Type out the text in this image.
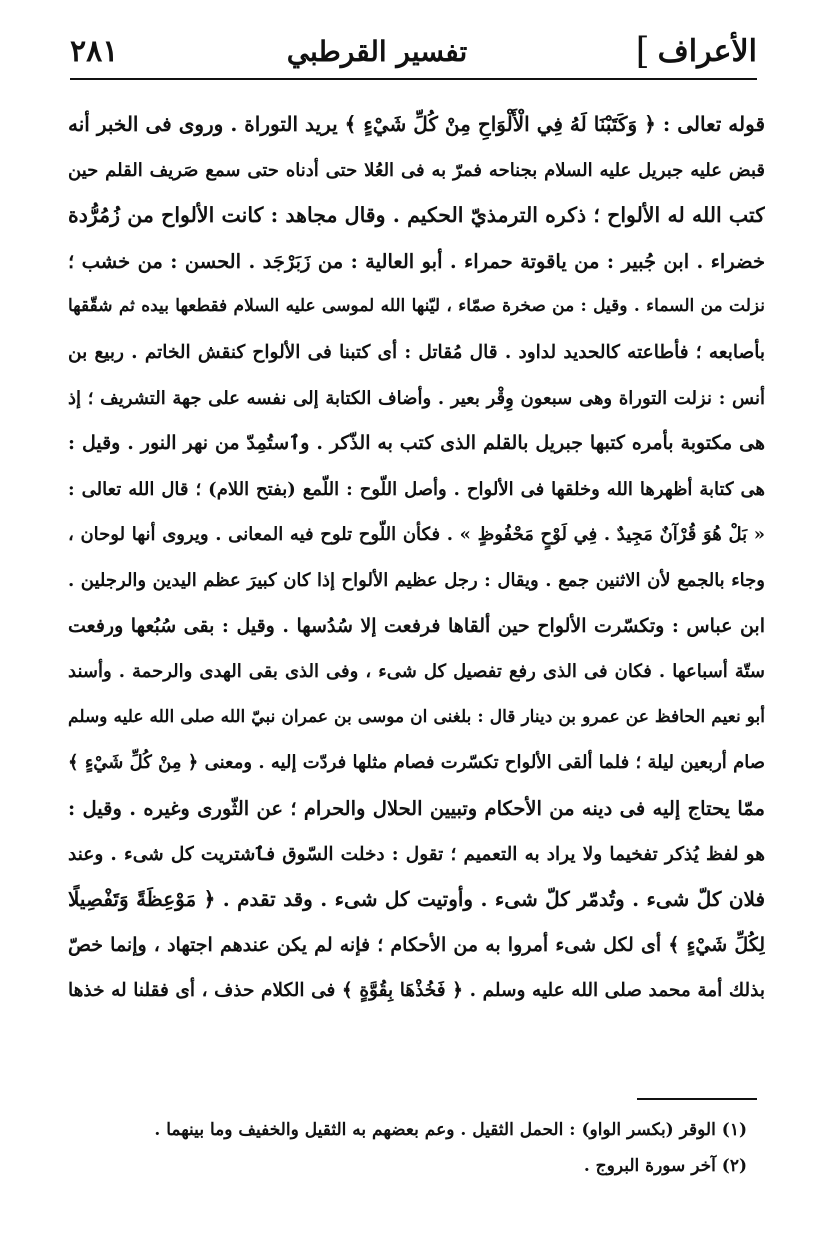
الأعراف
]
تفسير القرطبي
٢٨١
قوله تعالى : ﴿ وَكَتَبْنَا لَهُ فِي الْأَلْوَاحِ مِنْ كُلِّ شَيْءٍ ﴾ يريد التوراة . وروى فى الخبر أنه
قبض عليه جبريل عليه السلام بجناحه فمرّ به فى العُلا حتى أدناه حتى سمع صَريف القلم حين
كتب الله له الألواح ؛ ذكره الترمذيّ الحكيم . وقال مجاهد : كانت الألواح من زُمُرُّدة
خضراء . ابن جُبير : من ياقوتة حمراء . أبو العالية : من زَبَرْجَد . الحسن : من خشب ؛
نزلت من السماء . وقيل : من صخرة صمّاء ، ليّنها الله لموسى عليه السلام فقطعها بيده ثم شقّقها
بأصابعه ؛ فأطاعته كالحديد لداود . قال مُقاتل : أى كتبنا فى الألواح كنقش الخاتم . ربيع بن
أنس : نزلت التوراة وهى سبعون وِقْر بعير . وأضاف الكتابة إلى نفسه على جهة التشريف ؛ إذ
هى مكتوبة بأمره كتبها جبريل بالقلم الذى كتب به الذّكر . وٱستُمِدّ من نهر النور . وقيل :
هى كتابة أظهرها الله وخلقها فى الألواح . وأصل اللّوح : اللّمع (بفتح اللام) ؛ قال الله تعالى :
« بَلْ هُوَ قُرْآنٌ مَجِيدٌ . فِي لَوْحٍ مَحْفُوظٍ » . فكأن اللّوح تلوح فيه المعانى . ويروى أنها لوحان ،
وجاء بالجمع لأن الاثنين جمع . ويقال : رجل عظيم الألواح إذا كان كبيرَ عظم اليدين والرجلين .
ابن عباس : وتكسّرت الألواح حين ألقاها فرفعت إلا سُدُسها . وقيل : بقى سُبُعها ورفعت
ستّة أسباعها . فكان فى الذى رفع تفصيل كل شىء ، وفى الذى بقى الهدى والرحمة . وأسند
أبو نعيم الحافظ عن عمرو بن دينار قال : بلغنى ان موسى بن عمران نبيّ الله صلى الله عليه وسلم
صام أربعين ليلة ؛ فلما ألقى الألواح تكسّرت فصام مثلها فردّت إليه . ومعنى ﴿ مِنْ كُلِّ شَيْءٍ ﴾
ممّا يحتاج إليه فى دينه من الأحكام وتبيين الحلال والحرام ؛ عن الثّورى وغيره . وقيل :
هو لفظ يُذكر تفخيما ولا يراد به التعميم ؛ تقول : دخلت السّوق فٱشتريت كل شىء . وعند
فلان كلّ شىء . وتُدمّر كلّ شىء . وأوتيت كل شىء . وقد تقدم . ﴿ مَوْعِظَةً وَتَفْصِيلًا
لِكُلِّ شَيْءٍ ﴾ أى لكل شىء أمروا به من الأحكام ؛ فإنه لم يكن عندهم اجتهاد ، وإنما خصّ
بذلك أمة محمد صلى الله عليه وسلم . ﴿ فَخُذْهَا بِقُوَّةٍ ﴾ فى الكلام حذف ، أى فقلنا له خذها
(١) الوقر (بكسر الواو) : الحمل الثقيل . وعم بعضهم به الثقيل والخفيف وما بينهما .
(٢) آخر سورة البروج .
